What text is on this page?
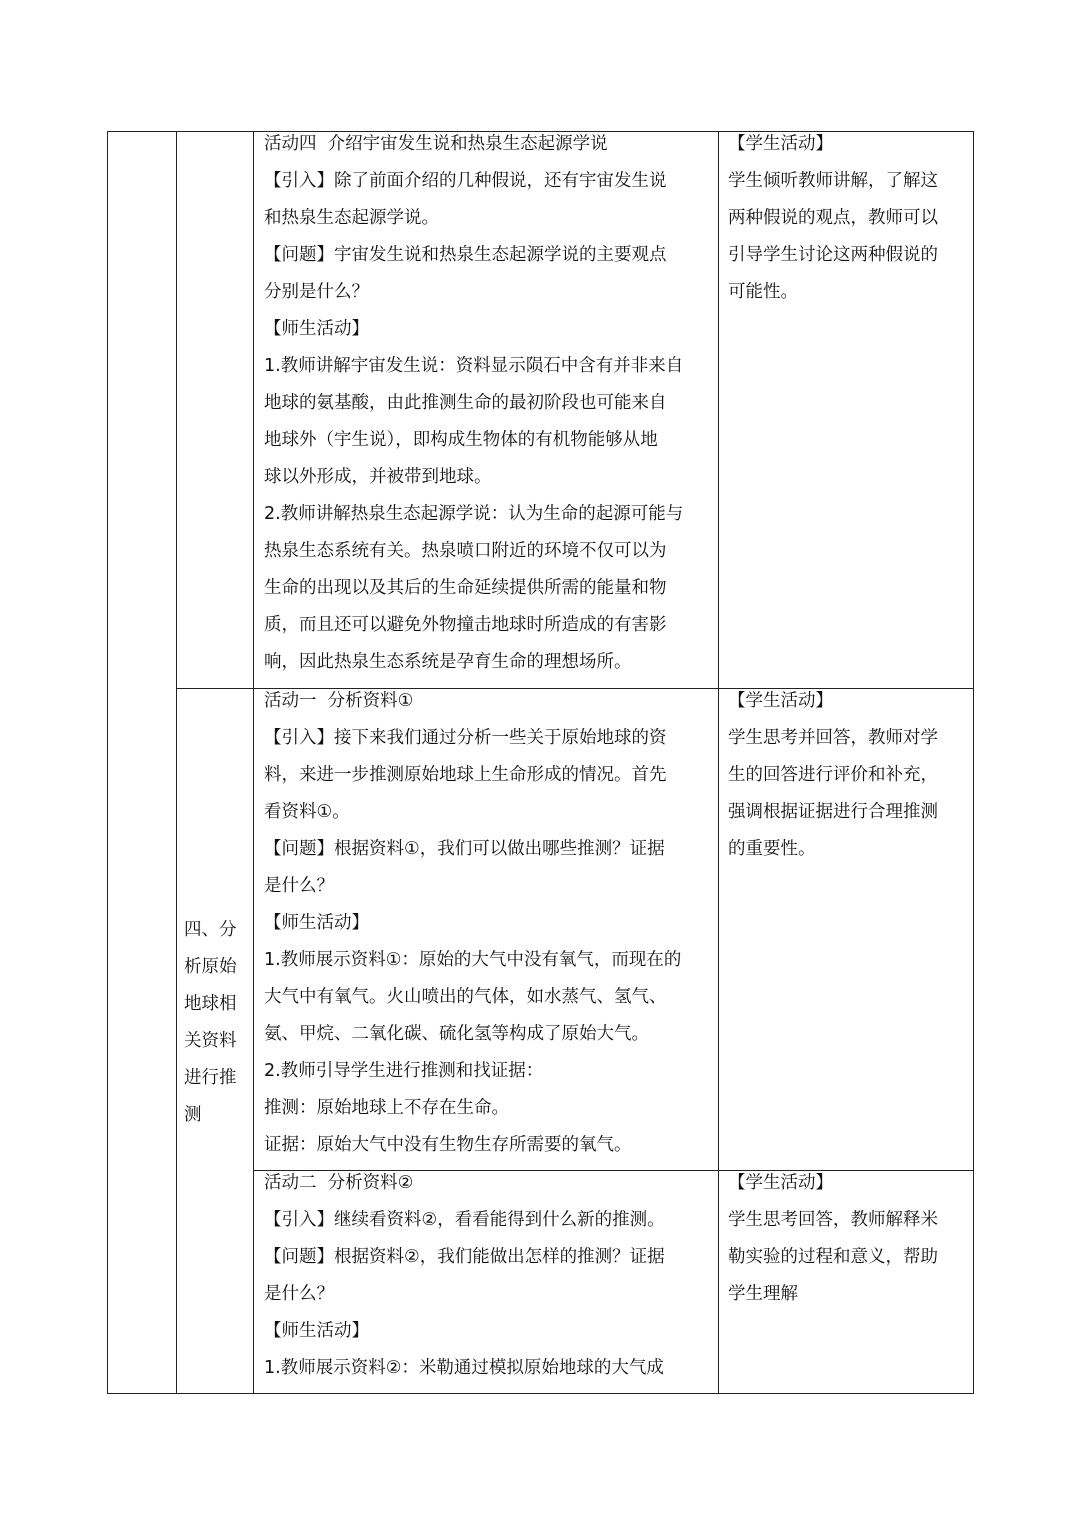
活动四  介绍宇宙发生说和热泉生态起源学说

【引入】除了前面介绍的几种假说，还有宇宙发生说

和热泉生态起源学说。

【问题】宇宙发生说和热泉生态起源学说的主要观点

分别是什么？

【师生活动】

1.教师讲解宇宙发生说：资料显示陨石中含有并非来自

地球的氨基酸，由此推测生命的最初阶段也可能来自

地球外（宇生说），即构成生物体的有机物能够从地

球以外形成，并被带到地球。

2.教师讲解热泉生态起源学说：认为生命的起源可能与

热泉生态系统有关。热泉喷口附近的环境不仅可以为

生命的出现以及其后的生命延续提供所需的能量和物

质，而且还可以避免外物撞击地球时所造成的有害影

响，因此热泉生态系统是孕育生命的理想场所。

【学生活动】

学生倾听教师讲解，了解这

两种假说的观点，教师可以

引导学生讨论这两种假说的

可能性。

活动一  分析资料①

【引入】接下来我们通过分析一些关于原始地球的资

料，来进一步推测原始地球上生命形成的情况。首先

看资料①。

【问题】根据资料①，我们可以做出哪些推测？证据

是什么？

【师生活动】

1.教师展示资料①：原始的大气中没有氧气，而现在的

大气中有氧气。火山喷出的气体，如水蒸气、氢气、

氨、甲烷、二氧化碳、硫化氢等构成了原始大气。

2.教师引导学生进行推测和找证据：

推测：原始地球上不存在生命。

证据：原始大气中没有生物生存所需要的氧气。

【学生活动】

学生思考并回答，教师对学

生的回答进行评价和补充，

强调根据证据进行合理推测

的重要性。

活动二  分析资料②

【引入】继续看资料②，看看能得到什么新的推测。

【问题】根据资料②，我们能做出怎样的推测？证据

是什么？

【师生活动】

1.教师展示资料②：米勒通过模拟原始地球的大气成

【学生活动】

学生思考回答，教师解释米

勒实验的过程和意义，帮助

学生理解

四、分

析原始

地球相

关资料

进行推

测
